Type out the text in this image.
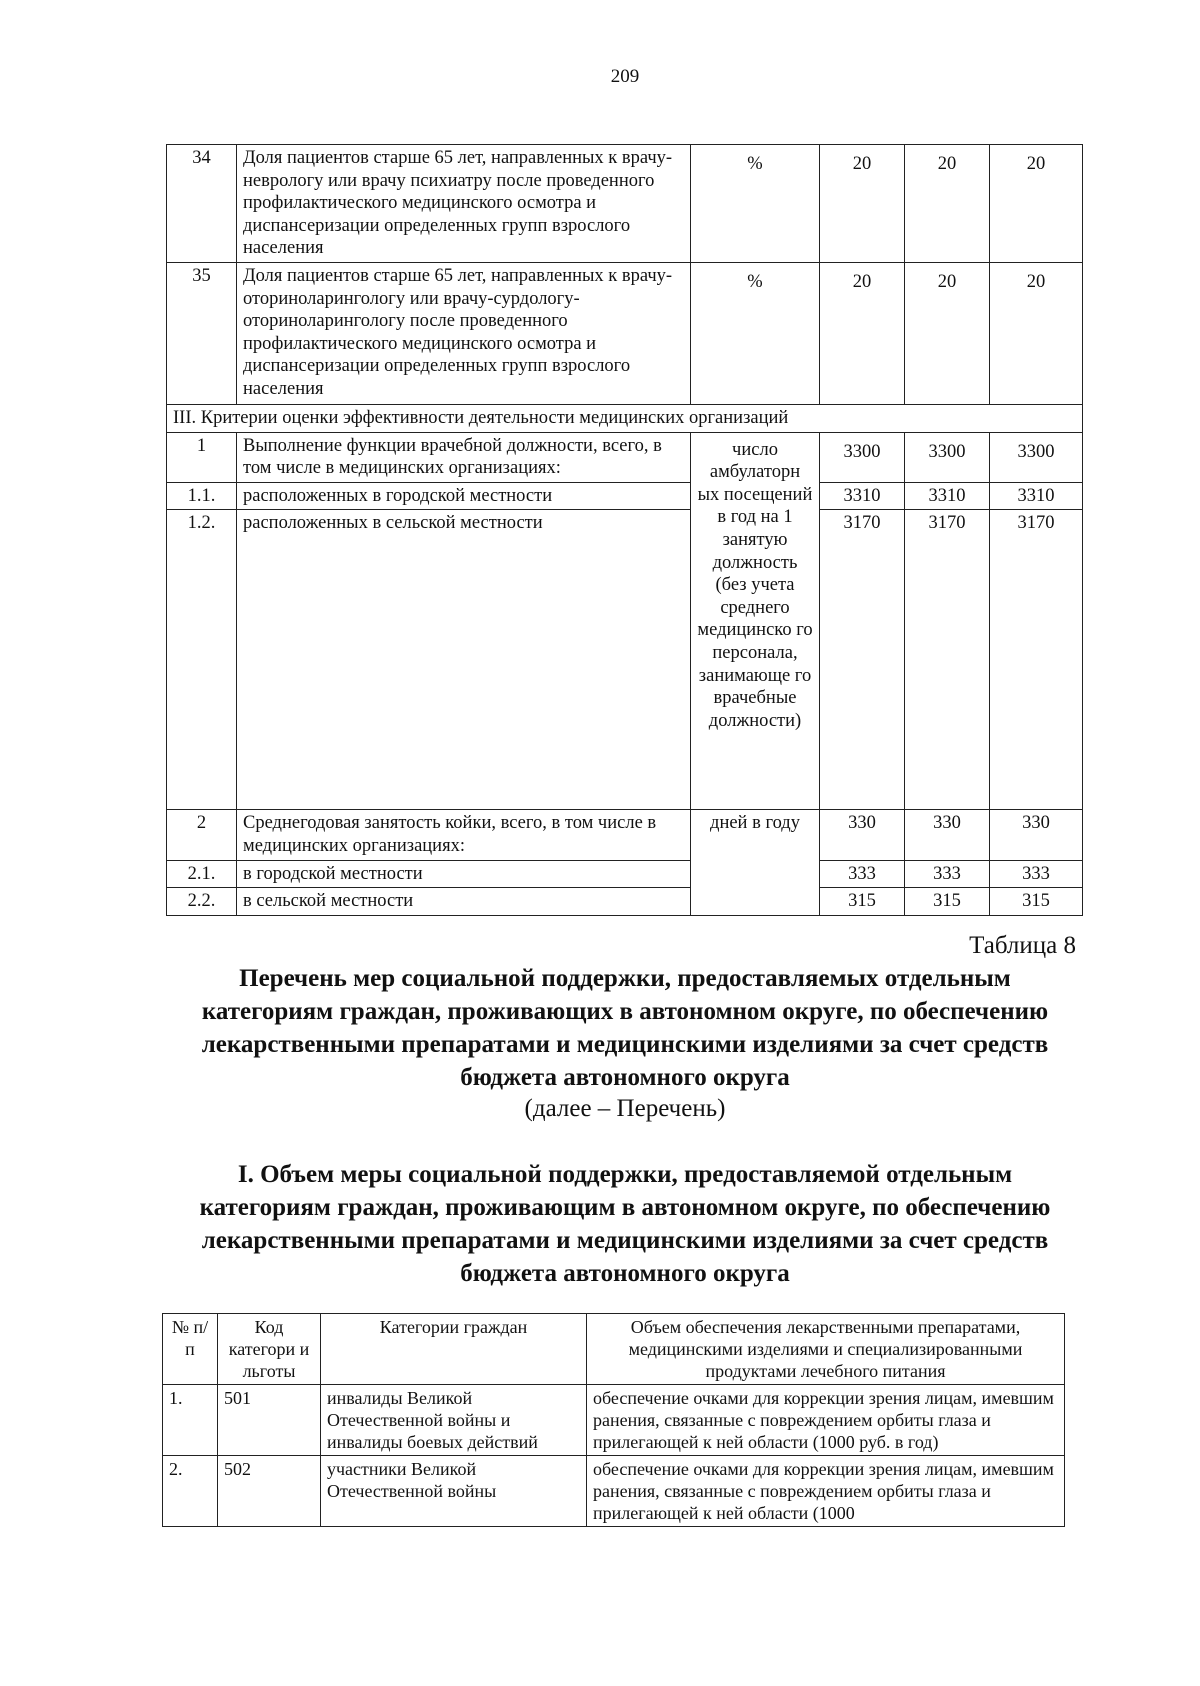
209
34	Доля пациентов старше 65 лет, направленных к врачу-неврологу или врачу психиатру после проведенного профилактического медицинского осмотра и диспансеризации определенных групп взрослого населения	%	20	20	20
35	Доля пациентов старше 65 лет, направленных к врачу-оториноларингологу или врачу-сурдологу-оториноларингологу после проведенного профилактического медицинского осмотра и диспансеризации определенных групп взрослого населения	%	20	20	20
III. Критерии оценки эффективности деятельности медицинских организаций					
1	Выполнение функции врачебной должности, всего, в том числе в медицинских организациях:	число амбулаторн ых посещений в год на 1 занятую должность (без учета среднего медицинско го персонала, занимающе го врачебные должности)	3300	3300	3300
1.1.	расположенных в городской местности		3310	3310	3310
1.2.	расположенных в сельской местности		3170	3170	3170
2	Среднегодовая занятость койки, всего, в том числе в медицинских организациях:	дней в году	330	330	330
2.1.	в городской местности		333	333	333
2.2.	в сельской местности		315	315	315
Таблица 8
Перечень мер социальной поддержки, предоставляемых отдельным категориям граждан, проживающих в автономном округе, по обеспечению лекарственными препаратами и медицинскими изделиями за счет средств бюджета автономного округа
(далее – Перечень)
I. Объем меры социальной поддержки, предоставляемой отдельным категориям граждан, проживающим в автономном округе, по обеспечению лекарственными препаратами и медицинскими изделиями за счет средств бюджета автономного округа
№ п/п	Код категори и льготы	Категории граждан	Объем обеспечения лекарственными препаратами, медицинскими изделиями и специализированными продуктами лечебного питания
1.	501	инвалиды Великой Отечественной войны и инвалиды боевых действий	обеспечение очками для коррекции зрения лицам, имевшим ранения, связанные с повреждением орбиты глаза и прилегающей к ней области (1000 руб. в год)
2.	502	участники Великой Отечественной войны	обеспечение очками для коррекции зрения лицам, имевшим ранения, связанные с повреждением орбиты глаза и прилегающей к ней области (1000
